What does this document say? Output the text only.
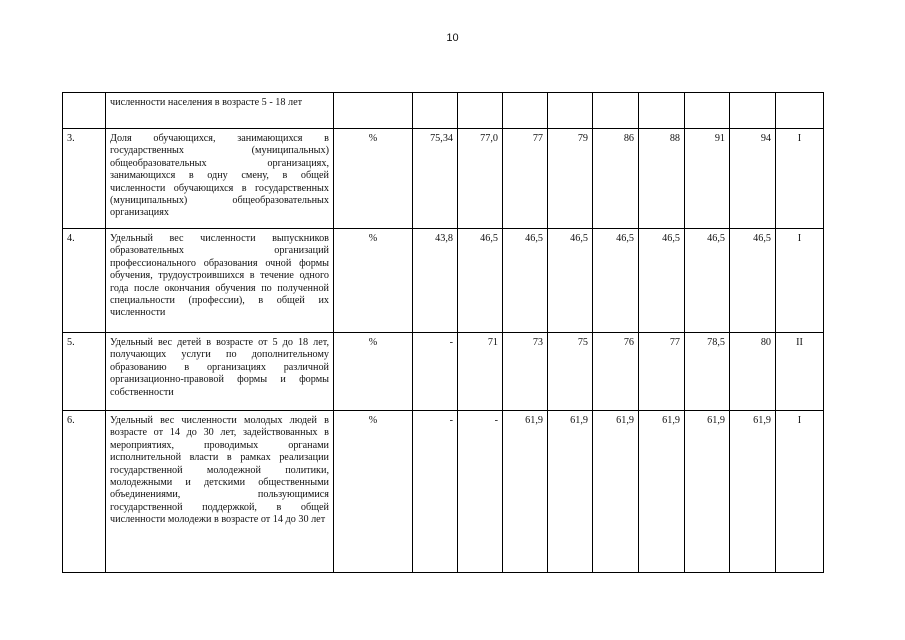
10
	численности населения в возрасте 5 - 18 лет										
3.	Доля обучающихся, занимающихся в государственных (муниципальных) общеобразовательных организациях, занимающихся в одну смену, в общей численности обучающихся в государственных (муниципальных) общеобразовательных организациях	%	75,34	77,0	77	79	86	88	91	94	I
4.	Удельный вес численности выпускников образовательных организаций профессионального образования очной формы обучения, трудоустроившихся в течение одного года после окончания обучения по полученной специальности (профессии), в общей их численности	%	43,8	46,5	46,5	46,5	46,5	46,5	46,5	46,5	I
5.	Удельный вес детей в возрасте от 5 до 18 лет, получающих услуги по дополнительному образованию в организациях различной организационно-правовой формы и формы собственности	%	-	71	73	75	76	77	78,5	80	II
6.	Удельный вес численности молодых людей в возрасте от 14 до 30 лет, задействованных в мероприятиях, проводимых органами исполнительной власти в рамках реализации государственной молодежной политики, молодежными и детскими общественными объединениями, пользующимися государственной поддержкой, в общей численности молодежи в возрасте от 14 до 30 лет	%	-	-	61,9	61,9	61,9	61,9	61,9	61,9	I
